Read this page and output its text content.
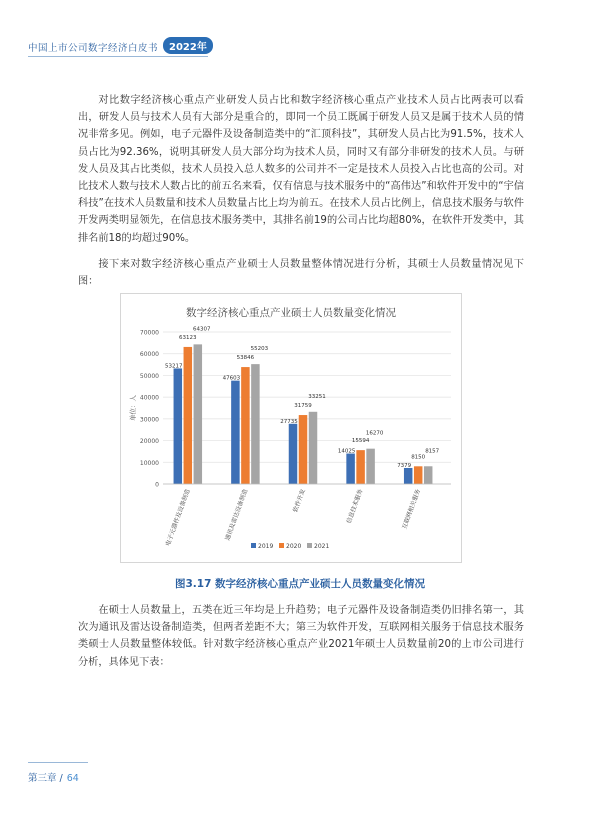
中国上市公司数字经济白皮书	2022年

对比数字经济核心重点产业研发人员占比和数字经济核心重点产业技术人员占比两表可以看出，研发人员与技术人员有大部分是重合的，即同一个员工既属于研发人员又是属于技术人员的情况非常多见。例如，电子元器件及设备制造类中的“汇顶科技”，其研发人员占比为91.5%，技术人员占比为92.36%，说明其研发人员大部分均为技术人员，同时又有部分非研发的技术人员。与研发人员及其占比类似，技术人员投入总人数多的公司并不一定是技术人员投入占比也高的公司。对比技术人数与技术人数占比的前五名来看，仅有信息与技术服务中的“高伟达”和软件开发中的“宇信科技”在技术人员数量和技术人员数量占比上均为前五。在技术人员占比例上，信息技术服务与软件开发两类明显领先，在信息技术服务类中，其排名前19的公司占比均超80%，在软件开发类中，其排名前18的均超过90%。

接下来对数字经济核心重点产业硕士人员数量整体情况进行分析，其硕士人员数量情况见下图：

数字经济核心重点产业硕士人员数量变化情况
0
10000
20000
30000
40000
50000
60000
70000
单位：人
53217
63123
64307
电子元器件及设备制造
47603
53846
55203
通讯及雷达设备制造
27735
31759
33251
软件开发
14025
15594
16270
信息技术服务
7379
8150
8157
互联网相关服务
2019 2020 2021
图3.17 数字经济核心重点产业硕士人员数量变化情况

在硕士人员数量上，五类在近三年均是上升趋势；电子元器件及设备制造类仍旧排名第一，其次为通讯及雷达设备制造类，但两者差距不大；第三为软件开发，互联网相关服务于信息技术服务类硕士人员数量整体较低。针对数字经济核心重点产业2021年硕士人员数量前20的上市公司进行分析，具体见下表：

第三章 / 64
